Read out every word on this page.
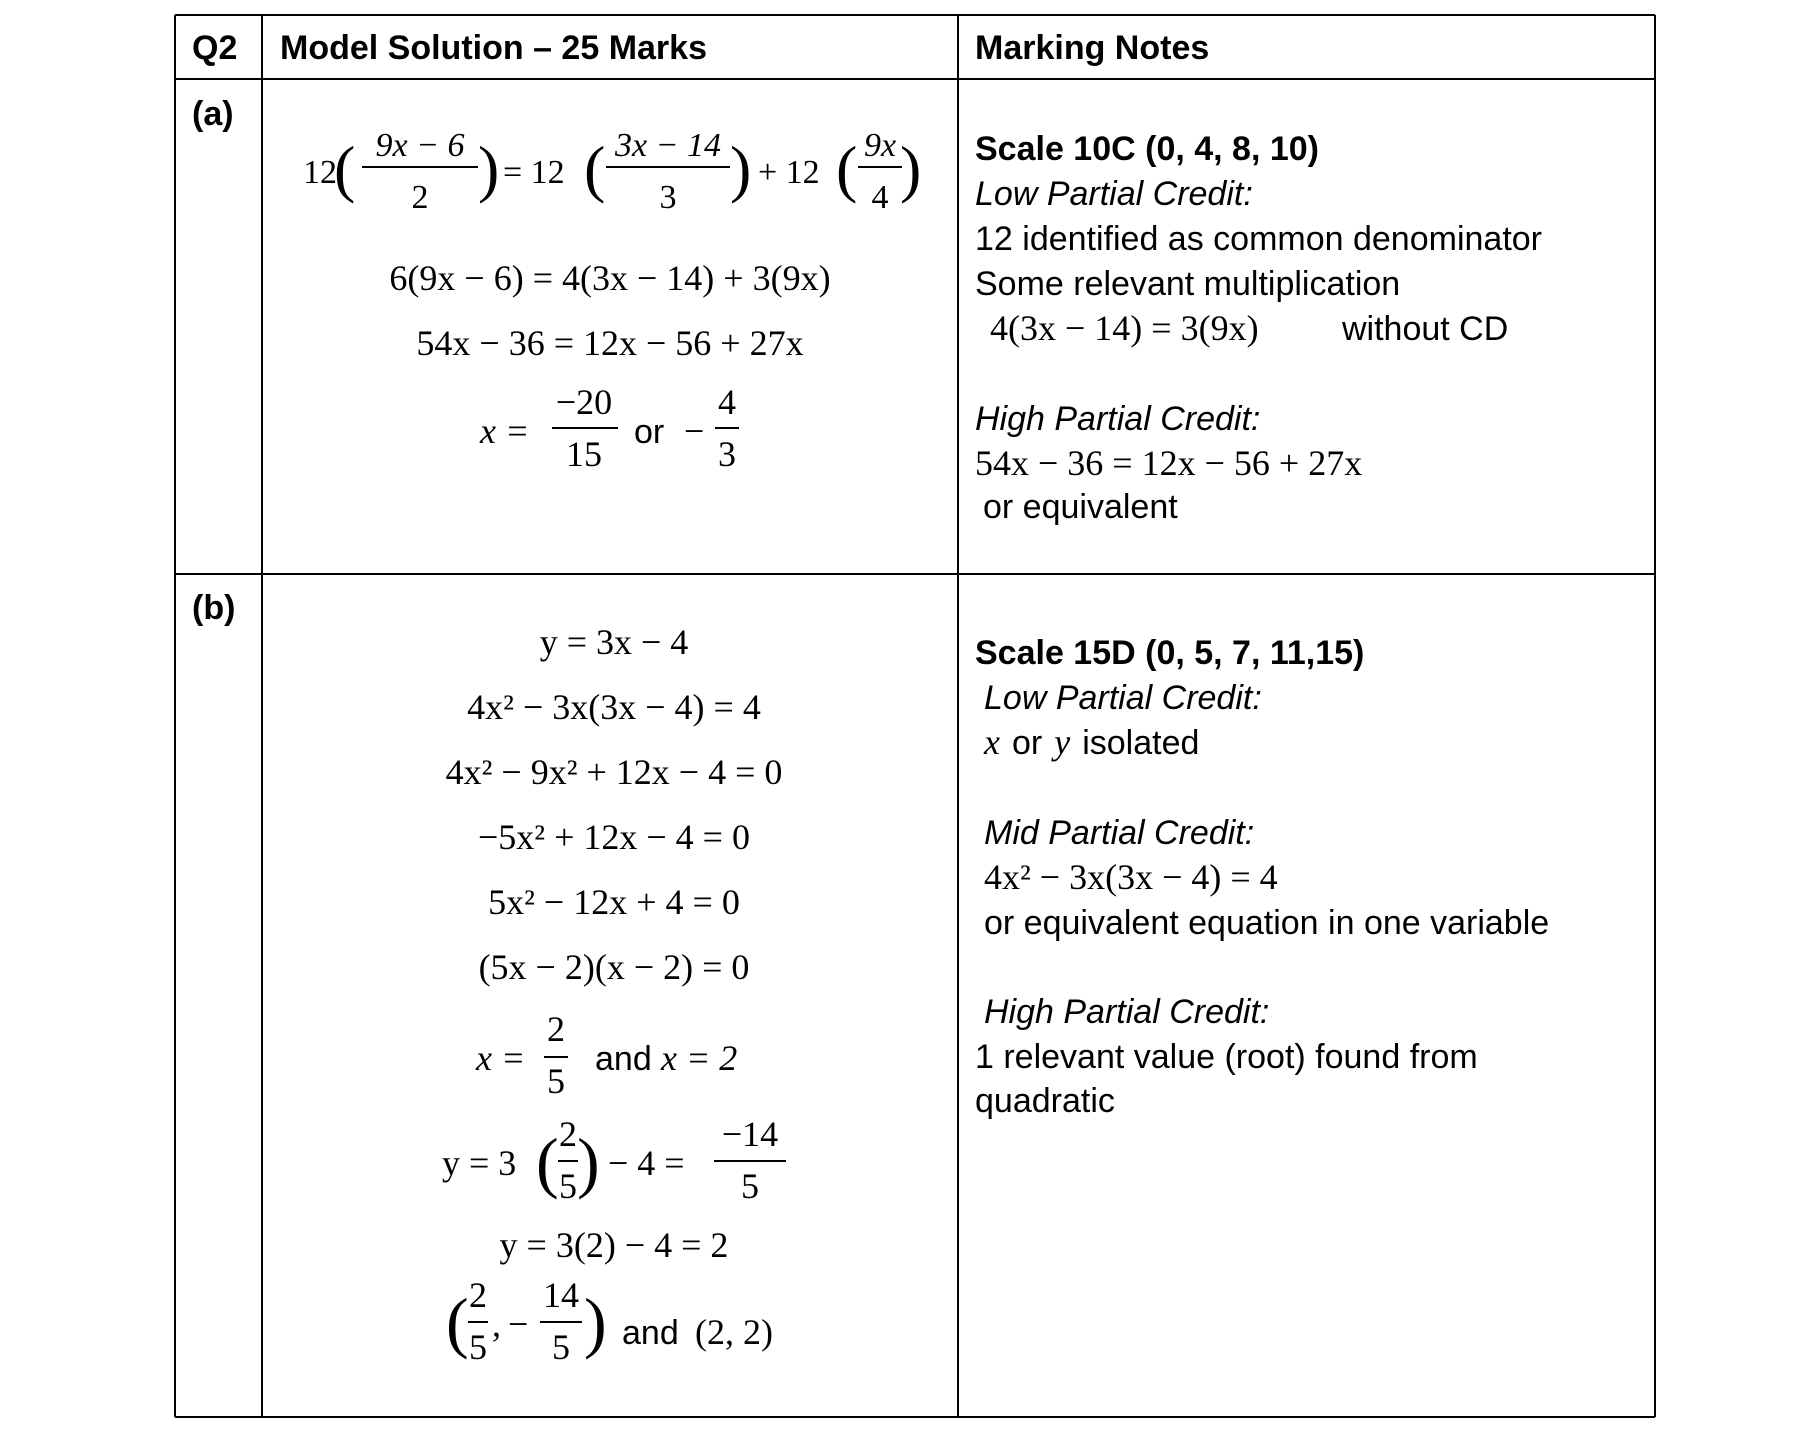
Q2 Model Solution – 25 Marks	Marking Notes
(a)
12
( 9x − 6
2 ) = 12 ( 3x − 14
3 ) + 12 ( 9x
4 )
6(9x − 6) = 4(3x − 14) + 3(9x)
54x − 36 = 12x − 56 + 27x
x =
−20
15
or −
4
3
Scale 10C (0, 4, 8, 10)
Low Partial Credit:
12 identified as common denominator
Some relevant multiplication
4(3x − 14) = 3(9x) without CD
High Partial Credit:
54x − 36 = 12x − 56 + 27x
or equivalent
(b)
y = 3x − 4
4x² − 3x(3x − 4) = 4
4x² − 9x² + 12x − 4 = 0
−5x² + 12x − 4 = 0
5x² − 12x + 4 = 0
(5x − 2)(x − 2) = 0
x =
2
5
and x = 2
y = 3 ( 2
5 ) − 4 =
−14
5
y = 3(2) − 4 = 2
( 2
5
, −
14
5 ) and (2, 2)
Scale 15D (0, 5, 7, 11,15)
Low Partial Credit:
x or y isolated
Mid Partial Credit:
4x² − 3x(3x − 4) = 4
or equivalent equation in one variable
High Partial Credit:
1 relevant value (root) found from
quadratic
